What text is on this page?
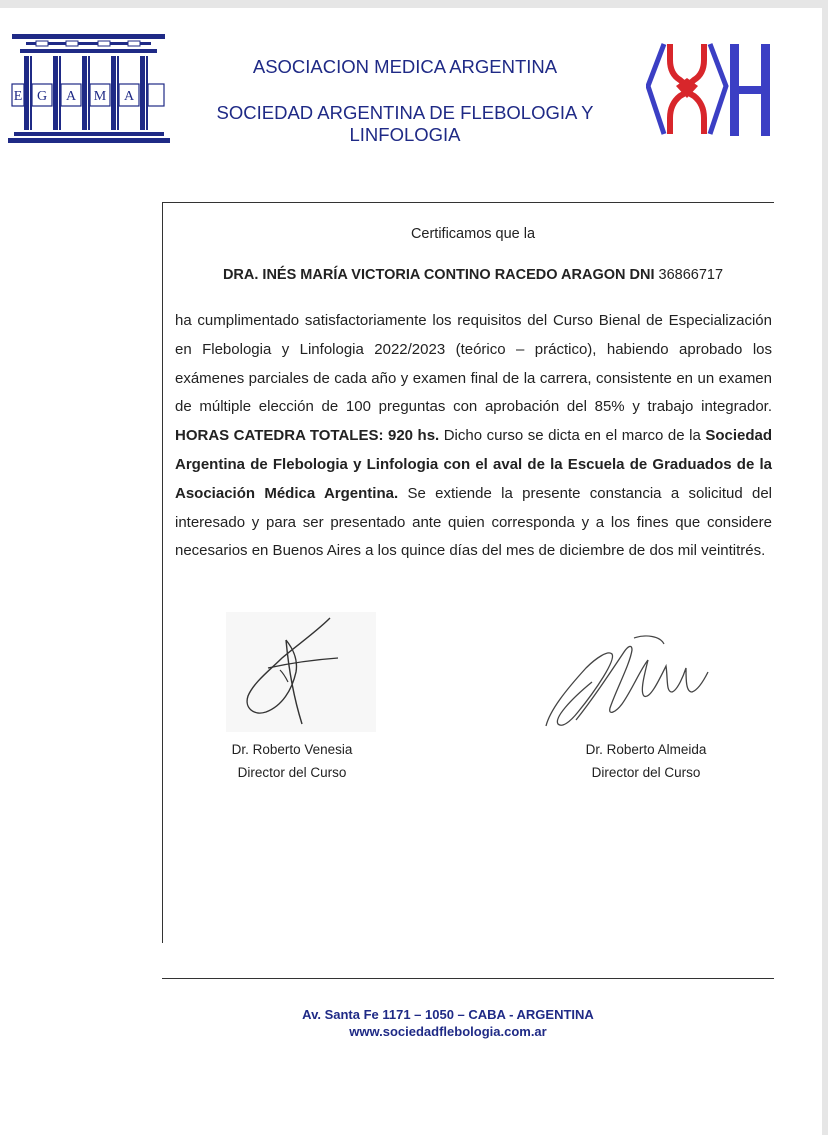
E G A M A
ASOCIACION MEDICA ARGENTINA
SOCIEDAD ARGENTINA DE FLEBOLOGIA Y LINFOLOGIA
Certificamos que la
DRA. INÉS MARÍA VICTORIA CONTINO RACEDO ARAGON DNI 36866717

ha cumplimentado satisfactoriamente los requisitos del Curso Bienal de Especialización en Flebologia y Linfologia 2022/2023 (teórico – práctico), habiendo aprobado los exámenes parciales de cada año y examen final de la carrera, consistente en un examen de múltiple elección de 100 preguntas con aprobación del 85% y trabajo integrador. HORAS CATEDRA TOTALES: 920 hs. Dicho curso se dicta en el marco de la Sociedad Argentina de Flebologia y Linfologia con el aval de la Escuela de Graduados de la Asociación Médica Argentina. Se extiende la presente constancia a solicitud del interesado y para ser presentado ante quien corresponda y a los fines que considere necesarios en Buenos Aires a los quince días del mes de diciembre de dos mil veintitrés.

Dr. Roberto Venesia
Director del Curso
Dr. Roberto Almeida
Director del Curso
Av. Santa Fe 1171 – 1050 – CABA - ARGENTINA
www.sociedadflebologia.com.ar
